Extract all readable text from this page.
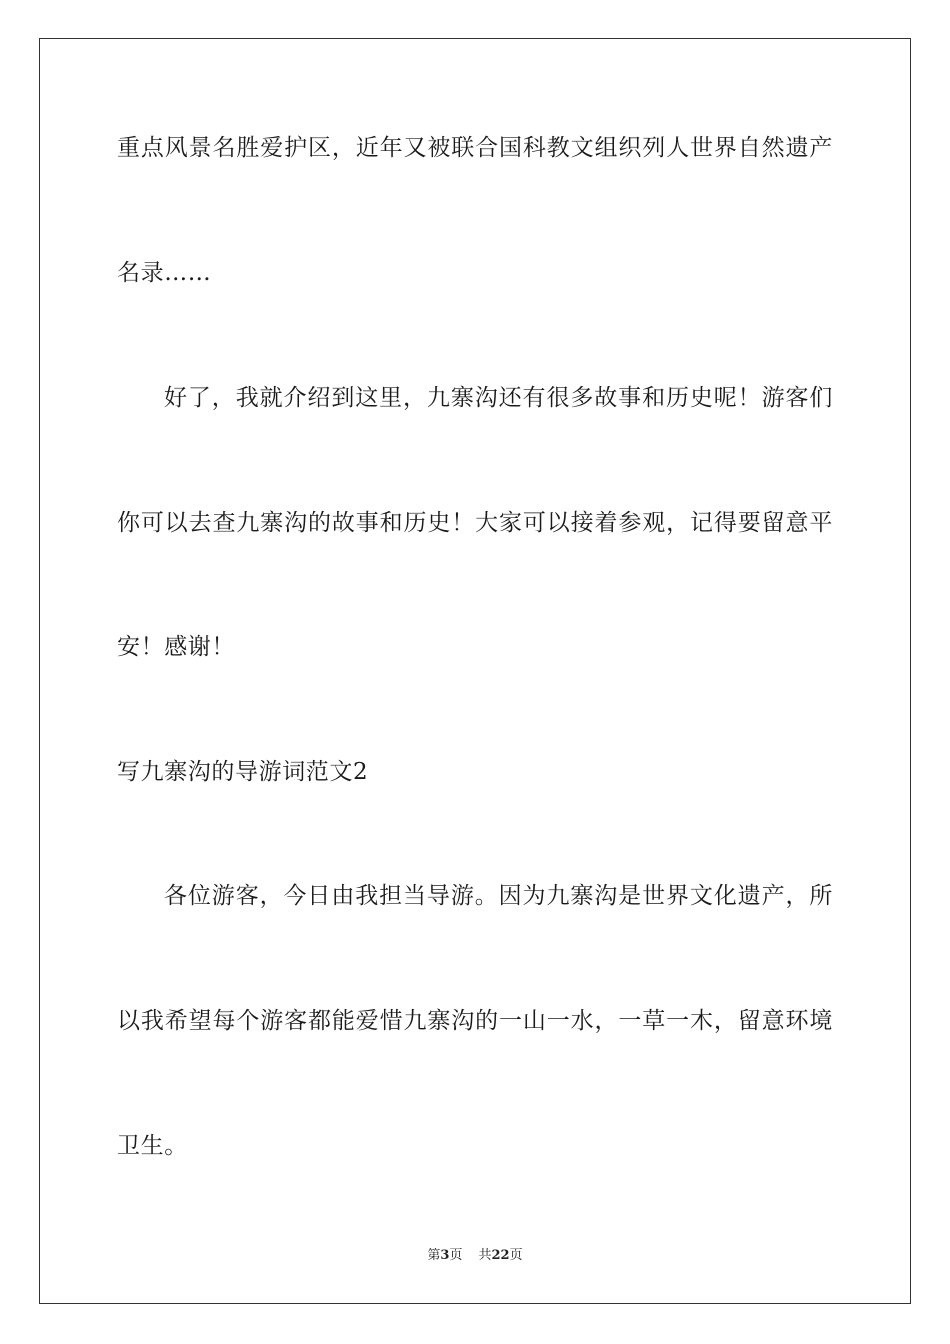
重点风景名胜爱护区，近年又被联合国科教文组织列人世界自然遗产
名录……
好了，我就介绍到这里，九寨沟还有很多故事和历史呢！游客们
你可以去查九寨沟的故事和历史！大家可以接着参观，记得要留意平
安！感谢！
写九寨沟的导游词范文2
各位游客，今日由我担当导游。因为九寨沟是世界文化遗产，所
以我希望每个游客都能爱惜九寨沟的一山一水，一草一木，留意环境
卫生。
第3页 共22页
